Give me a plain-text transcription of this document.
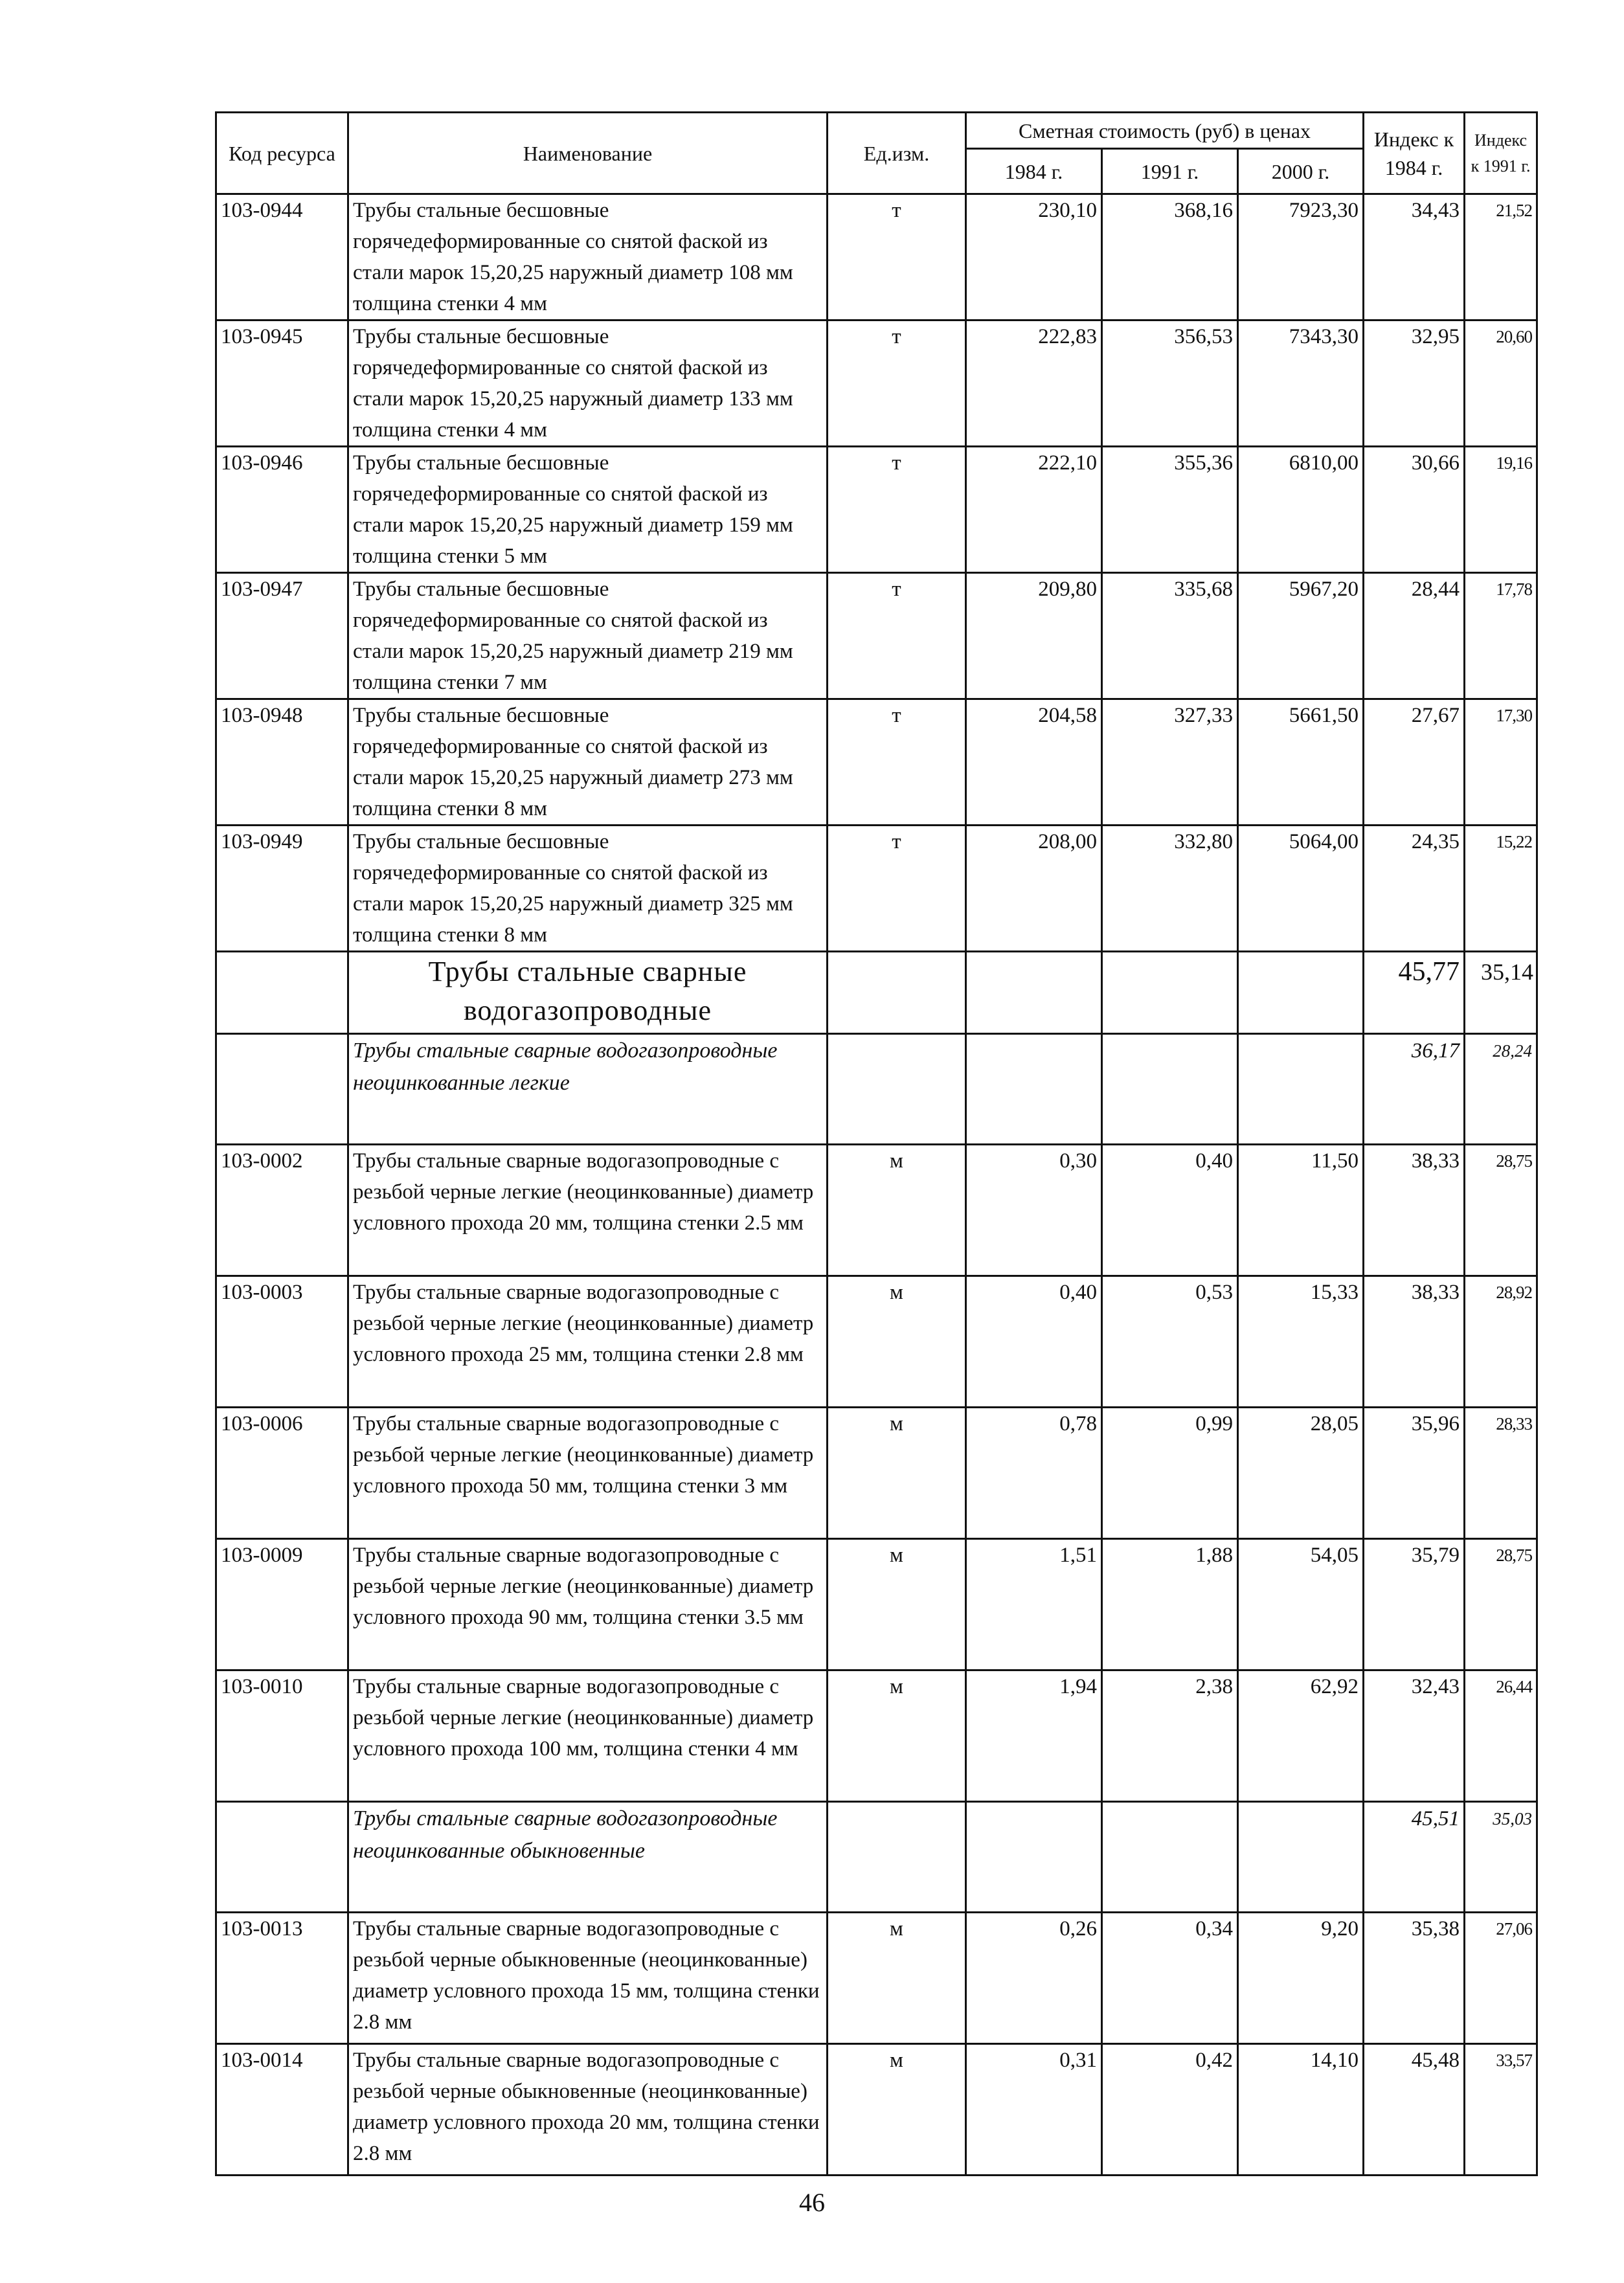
Код ресурса	Наименование	Ед.изм.	Сметная стоимость (руб) в ценах			Индекс к 1984 г.	Индекс к 1991 г.
			1984 г.	1991 г.	2000 г.		
103-0944	Трубы стальные бесшовные горячедеформированные со снятой фаской из стали марок 15,20,25 наружный диаметр 108 мм толщина стенки 4 мм	т	230,10	368,16	7923,30	34,43	21,52
103-0945	Трубы стальные бесшовные горячедеформированные со снятой фаской из стали марок 15,20,25 наружный диаметр 133 мм толщина стенки 4 мм	т	222,83	356,53	7343,30	32,95	20,60
103-0946	Трубы стальные бесшовные горячедеформированные со снятой фаской из стали марок 15,20,25 наружный диаметр 159 мм толщина стенки 5 мм	т	222,10	355,36	6810,00	30,66	19,16
103-0947	Трубы стальные бесшовные горячедеформированные со снятой фаской из стали марок 15,20,25 наружный диаметр 219 мм толщина стенки 7 мм	т	209,80	335,68	5967,20	28,44	17,78
103-0948	Трубы стальные бесшовные горячедеформированные со снятой фаской из стали марок 15,20,25 наружный диаметр 273 мм толщина стенки 8 мм	т	204,58	327,33	5661,50	27,67	17,30
103-0949	Трубы стальные бесшовные горячедеформированные со снятой фаской из стали марок 15,20,25 наружный диаметр 325 мм толщина стенки 8 мм	т	208,00	332,80	5064,00	24,35	15,22
	Трубы стальные сварные водогазопроводные					45,77	35,14
	Трубы стальные сварные водогазопроводные неоцинкованные легкие					36,17	28,24
103-0002	Трубы стальные сварные водогазопроводные с резьбой черные легкие (неоцинкованные) диаметр условного прохода 20 мм, толщина стенки 2.5 мм	м	0,30	0,40	11,50	38,33	28,75
103-0003	Трубы стальные сварные водогазопроводные с резьбой черные легкие (неоцинкованные) диаметр условного прохода 25 мм, толщина стенки 2.8 мм	м	0,40	0,53	15,33	38,33	28,92
103-0006	Трубы стальные сварные водогазопроводные с резьбой черные легкие (неоцинкованные) диаметр условного прохода 50 мм, толщина стенки 3 мм	м	0,78	0,99	28,05	35,96	28,33
103-0009	Трубы стальные сварные водогазопроводные с резьбой черные легкие (неоцинкованные) диаметр условного прохода 90 мм, толщина стенки 3.5 мм	м	1,51	1,88	54,05	35,79	28,75
103-0010	Трубы стальные сварные водогазопроводные с резьбой черные легкие (неоцинкованные) диаметр условного прохода 100 мм, толщина стенки 4 мм	м	1,94	2,38	62,92	32,43	26,44
	Трубы стальные сварные водогазопроводные неоцинкованные обыкновенные					45,51	35,03
103-0013	Трубы стальные сварные водогазопроводные с резьбой черные обыкновенные (неоцинкованные) диаметр условного прохода 15 мм, толщина стенки 2.8 мм	м	0,26	0,34	9,20	35,38	27,06
103-0014	Трубы стальные сварные водогазопроводные с резьбой черные обыкновенные (неоцинкованные) диаметр условного прохода 20 мм, толщина стенки 2.8 мм	м	0,31	0,42	14,10	45,48	33,57
46
